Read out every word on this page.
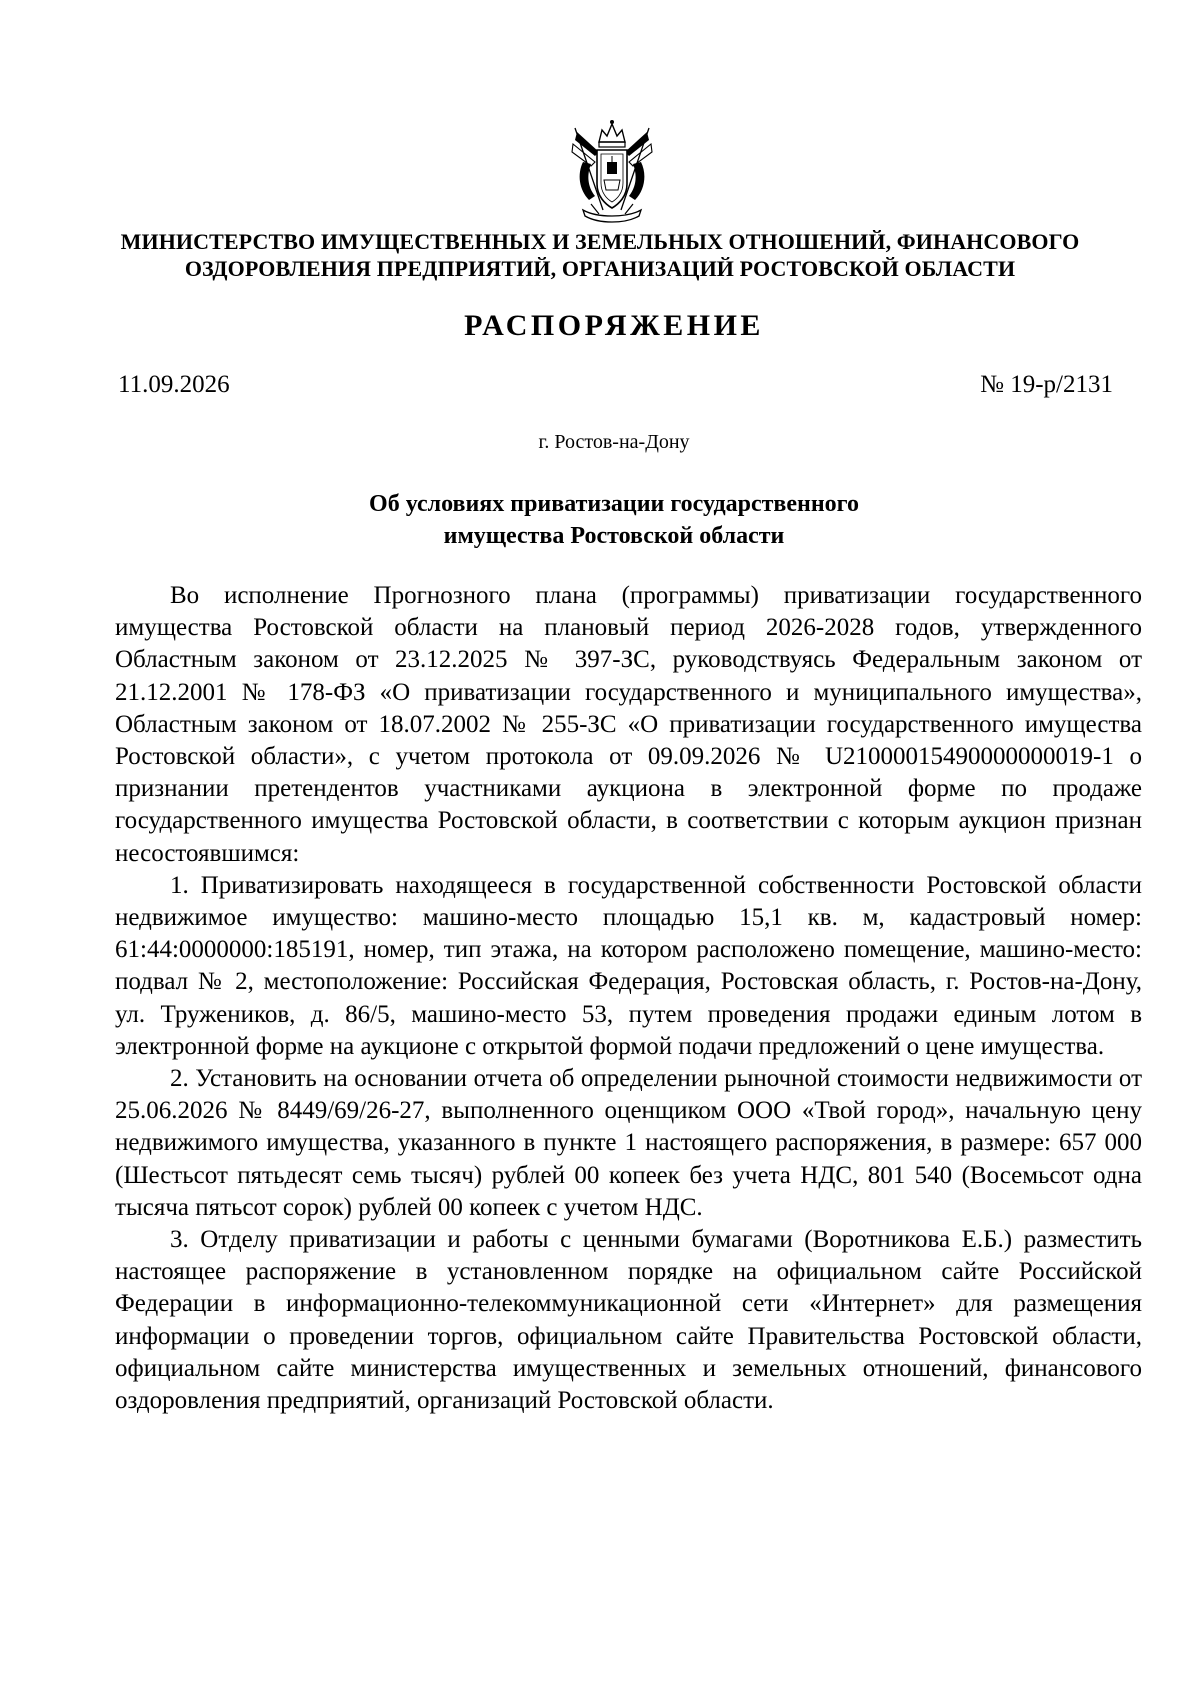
МИНИСТЕРСТВО ИМУЩЕСТВЕННЫХ И ЗЕМЕЛЬНЫХ ОТНОШЕНИЙ, ФИНАНСОВОГО
ОЗДОРОВЛЕНИЯ ПРЕДПРИЯТИЙ, ОРГАНИЗАЦИЙ РОСТОВСКОЙ ОБЛАСТИ
РАСПОРЯЖЕНИЕ
11.09.2026	№ 19-р/2131
г. Ростов-на-Дону
Об условиях приватизации государственного
имущества Ростовской области

Во исполнение Прогнозного плана (программы) приватизации государственного имущества Ростовской области на плановый период 2026-2028 годов, утвержденного Областным законом от 23.12.2025 № 397-ЗС, руководствуясь Федеральным законом от 21.12.2001 № 178-ФЗ «О приватизации государственного и муниципального имущества», Областным законом от 18.07.2002 № 255-ЗС «О приватизации государственного имущества Ростовской области», с учетом протокола от 09.09.2026 № U21000015490000000019-1 о признании претендентов участниками аукциона в электронной форме по продаже государственного имущества Ростовской области, в соответствии с которым аукцион признан несостоявшимся:

1. Приватизировать находящееся в государственной собственности Ростовской области недвижимое имущество: машино-место площадью 15,1 кв. м, кадастровый номер: 61:44:0000000:185191, номер, тип этажа, на котором расположено помещение, машино-место: подвал № 2, местоположение: Российская Федерация, Ростовская область, г. Ростов-на-Дону, ул. Тружеников, д. 86/5, машино-место 53, путем проведения продажи единым лотом в электронной форме на аукционе с открытой формой подачи предложений о цене имущества.

2. Установить на основании отчета об определении рыночной стоимости недвижимости от 25.06.2026 № 8449/69/26-27, выполненного оценщиком ООО «Твой город», начальную цену недвижимого имущества, указанного в пункте 1 настоящего распоряжения, в размере: 657 000 (Шестьсот пятьдесят семь тысяч) рублей 00 копеек без учета НДС, 801 540 (Восемьсот одна тысяча пятьсот сорок) рублей 00 копеек с учетом НДС.

3. Отделу приватизации и работы с ценными бумагами (Воротникова Е.Б.) разместить настоящее распоряжение в установленном порядке на официальном сайте Российской Федерации в информационно-телекоммуникационной сети «Интернет» для размещения информации о проведении торгов, официальном сайте Правительства Ростовской области, официальном сайте министерства имущественных и земельных отношений, финансового оздоровления предприятий, организаций Ростовской области.
